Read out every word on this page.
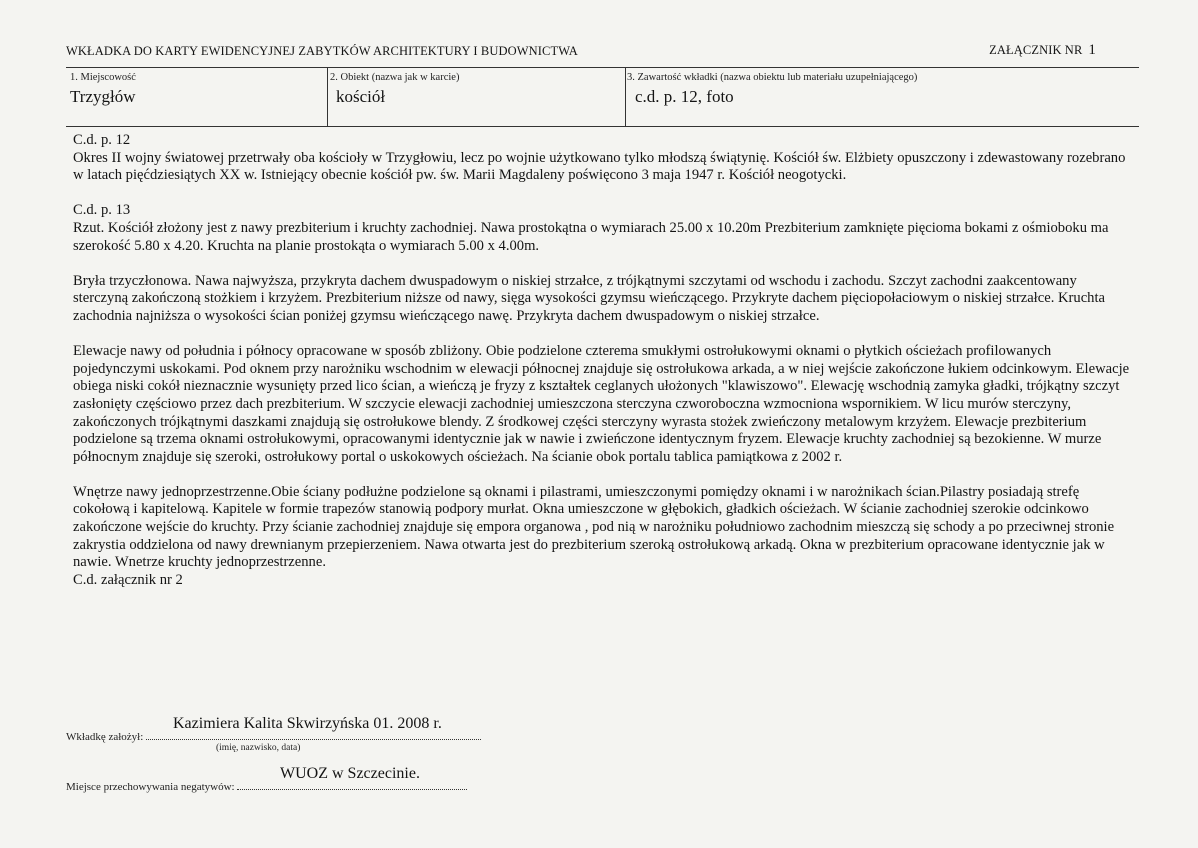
WKŁADKA DO KARTY EWIDENCYJNEJ ZABYTKÓW ARCHITEKTURY I BUDOWNICTWA	ZAŁĄCZNIK NR 1
1. Miejscowość
Trzygłów
2. Obiekt (nazwa jak w karcie)
kościół
3. Zawartość wkładki (nazwa obiektu lub materiału uzupełniającego)
c.d. p. 12, foto

C.d. p. 12
Okres II wojny światowej przetrwały oba kościoły w Trzygłowiu, lecz po wojnie użytkowano tylko młodszą świątynię. Kościół św. Elżbiety opuszczony i zdewastowany rozebrano w latach pięćdziesiątych XX w. Istniejący obecnie kościół pw. św. Marii Magdaleny poświęcono 3 maja 1947 r. Kościół neogotycki.

C.d. p. 13
Rzut. Kościół złożony jest z nawy prezbiterium i kruchty zachodniej. Nawa prostokątna o wymiarach 25.00 x 10.20m Prezbiterium zamknięte pięcioma bokami z ośmioboku ma szerokość 5.80 x 4.20. Kruchta na planie prostokąta o wymiarach 5.00 x 4.00m.

Bryła trzyczłonowa. Nawa najwyższa, przykryta dachem dwuspadowym o niskiej strzałce, z trójkątnymi szczytami od wschodu i zachodu. Szczyt zachodni zaakcentowany sterczyną zakończoną stożkiem i krzyżem. Prezbiterium niższe od nawy, sięga wysokości gzymsu wieńczącego. Przykryte dachem pięciopołaciowym o niskiej strzałce. Kruchta zachodnia najniższa o wysokości ścian poniżej gzymsu wieńczącego nawę. Przykryta dachem dwuspadowym o niskiej strzałce.

Elewacje nawy od południa i północy opracowane w sposób zbliżony. Obie podzielone czterema smukłymi ostrołukowymi oknami o płytkich ościeżach profilowanych pojedynczymi uskokami. Pod oknem przy narożniku wschodnim w elewacji północnej znajduje się ostrołukowa arkada, a w niej wejście zakończone łukiem odcinkowym. Elewacje obiega niski cokół nieznacznie wysunięty przed lico ścian, a wieńczą je fryzy z kształtek ceglanych ułożonych "klawiszowo". Elewację wschodnią zamyka gładki, trójkątny szczyt zasłonięty częściowo przez dach prezbiterium. W szczycie elewacji zachodniej umieszczona sterczyna czworoboczna wzmocniona wspornikiem. W licu murów sterczyny, zakończonych trójkątnymi daszkami znajdują się ostrołukowe blendy. Z środkowej części sterczyny wyrasta stożek zwieńczony metalowym krzyżem. Elewacje prezbiterium podzielone są trzema oknami ostrołukowymi, opracowanymi identycznie jak w nawie i zwieńczone identycznym fryzem. Elewacje kruchty zachodniej są bezokienne. W murze północnym znajduje się szeroki, ostrołukowy portal o uskokowych ościeżach. Na ścianie obok portalu tablica pamiątkowa z 2002 r.

Wnętrze nawy jednoprzestrzenne.Obie ściany podłużne podzielone są oknami i pilastrami, umieszczonymi pomiędzy oknami i w narożnikach ścian.Pilastry posiadają strefę cokołową i kapitelową. Kapitele w formie trapezów stanowią podpory murłat. Okna umieszczone w głębokich, gładkich ościeżach. W ścianie zachodniej szerokie odcinkowo zakończone wejście do kruchty. Przy ścianie zachodniej znajduje się empora organowa , pod nią w narożniku południowo zachodnim mieszczą się schody a po przeciwnej stronie zakrystia oddzielona od nawy drewnianym przepierzeniem. Nawa otwarta jest do prezbiterium szeroką ostrołukową arkadą. Okna w prezbiterium opracowane identycznie jak w nawie. Wnetrze kruchty jednoprzestrzenne.

C.d. załącznik nr 2

Wkładkę założył:
Kazimiera Kalita Skwirzyńska 01. 2008 r.
(imię, nazwisko, data)
Miejsce przechowywania negatywów:
WUOZ w Szczecinie.
